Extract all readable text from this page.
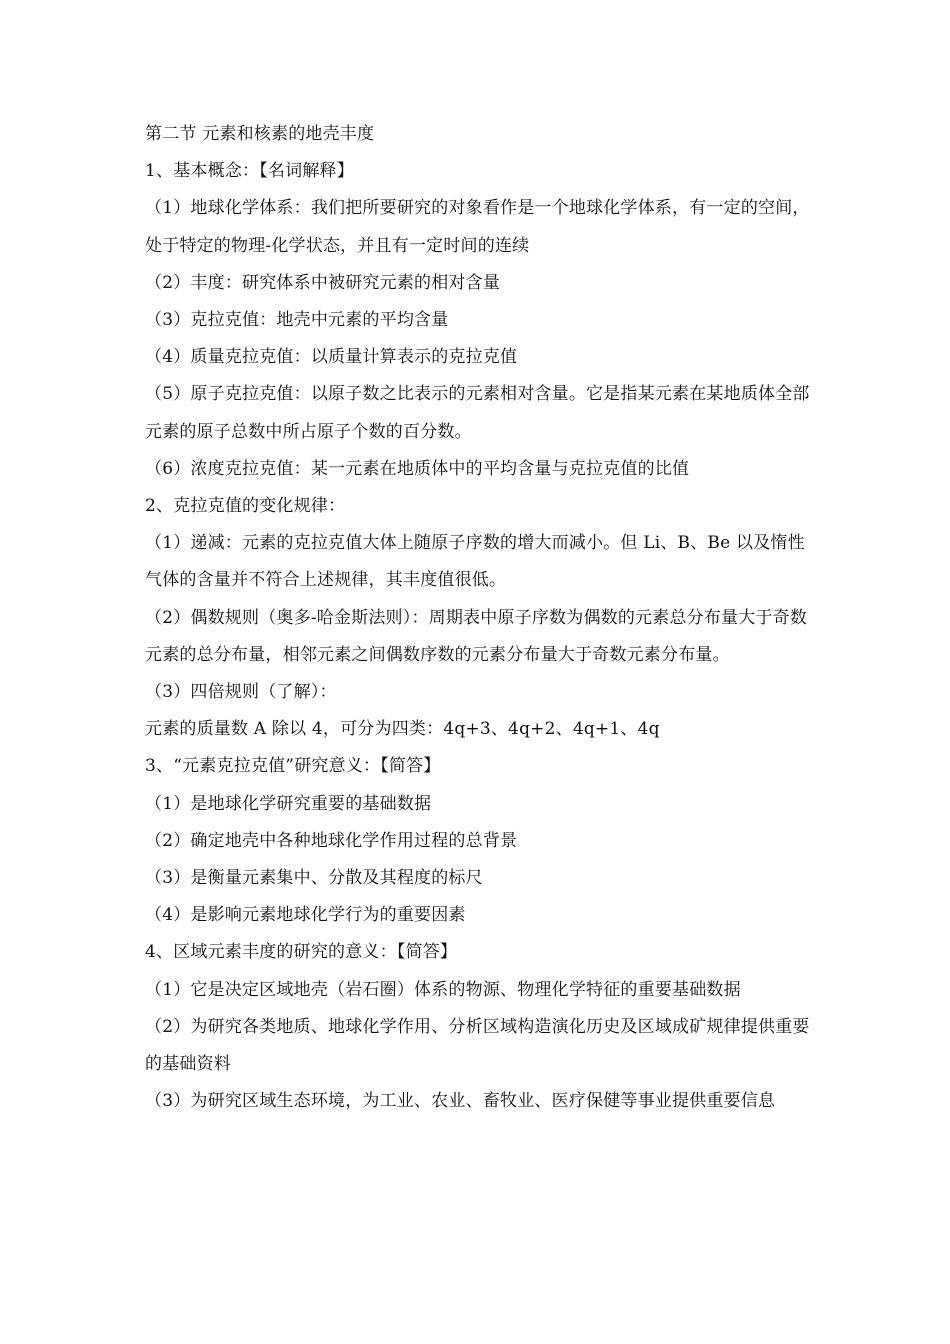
第二节 元素和核素的地壳丰度
1、基本概念：【名词解释】
（1）地球化学体系：我们把所要研究的对象看作是一个地球化学体系，有一定的空间，处于特定的物理-化学状态，并且有一定时间的连续
（2）丰度：研究体系中被研究元素的相对含量
（3）克拉克值：地壳中元素的平均含量
（4）质量克拉克值：以质量计算表示的克拉克值
（5）原子克拉克值：以原子数之比表示的元素相对含量。它是指某元素在某地质体全部元素的原子总数中所占原子个数的百分数。
（6）浓度克拉克值：某一元素在地质体中的平均含量与克拉克值的比值
2、克拉克值的变化规律：
（1）递减：元素的克拉克值大体上随原子序数的增大而减小。但 Li、B、Be 以及惰性气体的含量并不符合上述规律，其丰度值很低。
（2）偶数规则（奥多-哈金斯法则）：周期表中原子序数为偶数的元素总分布量大于奇数元素的总分布量，相邻元素之间偶数序数的元素分布量大于奇数元素分布量。
（3）四倍规则（了解）：
元素的质量数 A 除以 4，可分为四类：4q+3、4q+2、4q+1、4q
3、“元素克拉克值”研究意义：【简答】
（1）是地球化学研究重要的基础数据
（2）确定地壳中各种地球化学作用过程的总背景
（3）是衡量元素集中、分散及其程度的标尺
（4）是影响元素地球化学行为的重要因素
4、区域元素丰度的研究的意义：【简答】
（1）它是决定区域地壳（岩石圈）体系的物源、物理化学特征的重要基础数据
（2）为研究各类地质、地球化学作用、分析区域构造演化历史及区域成矿规律提供重要的基础资料
（3）为研究区域生态环境，为工业、农业、畜牧业、医疗保健等事业提供重要信息
